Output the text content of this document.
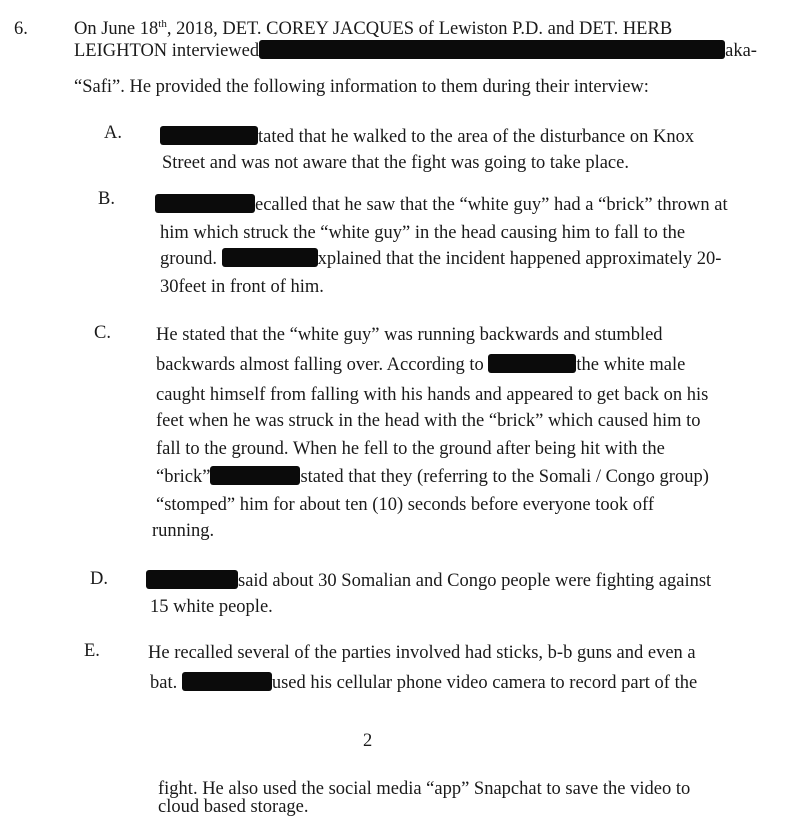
6. On June 18th, 2018, DET. COREY JACQUES of Lewiston P.D. and DET. HERB
LEIGHTON interviewed	aka-
“Safi”. He provided the following information to them during their interview:
A.	tated that he walked to the area of the disturbance on Knox
Street and was not aware that the fight was going to take place.
B.	ecalled that he saw that the “white guy” had a “brick” thrown at
him which struck the “white guy” in the head causing him to fall to the
ground.	xplained that the incident happened approximately 20-
30feet in front of him.
C. He stated that the “white guy” was running backwards and stumbled
backwards almost falling over. According to	the white male
caught himself from falling with his hands and appeared to get back on his
feet when he was struck in the head with the “brick” which caused him to
fall to the ground. When he fell to the ground after being hit with the
“brick”	stated that they (referring to the Somali / Congo group)
“stomped” him for about ten (10) seconds before everyone took off
running.
D.	said about 30 Somalian and Congo people were fighting against
15 white people.
E.	He recalled several of the parties involved had sticks, b-b guns and even a
bat.	used his cellular phone video camera to record part of the
2
fight. He also used the social media “app” Snapchat to save the video to
cloud based storage.
